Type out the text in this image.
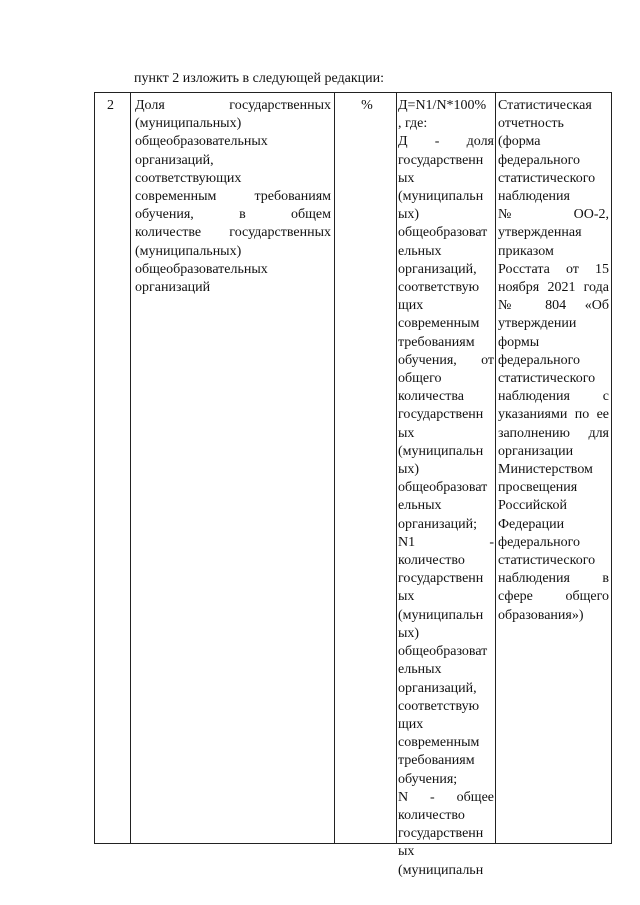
пункт 2 изложить в следующей редакции:
2	Доля государственных
(муниципальных)
общеобразовательных
организаций,
соответствующих
современным требованиям
обучения, в общем
количестве государственных
(муниципальных)
общеобразовательных
организаций
%	Д=N1/N*100%
, где:
Д - доля
государственн
ых
(муниципальн
ых)
общеобразоват
ельных
организаций,
соответствую
щих
современным
требованиям
обучения, от
общего
количества
государственн
ых
(муниципальн
ых)
общеобразоват
ельных
организаций;
N1 -
количество
государственн
ых
(муниципальн
ых)
общеобразоват
ельных
организаций,
соответствую
щих
современным
требованиям
обучения;
N - общее
количество
государственн
ых
(муниципальн
Статистическая
отчетность
(форма
федерального
статистического
наблюдения
№ ОО-2,
утвержденная
приказом
Росстата от 15
ноября 2021 года
№ 804 «Об
утверждении
формы
федерального
статистического
наблюдения с
указаниями по ее
заполнению для
организации
Министерством
просвещения
Российской
Федерации
федерального
статистического
наблюдения в
сфере общего
образования»)
